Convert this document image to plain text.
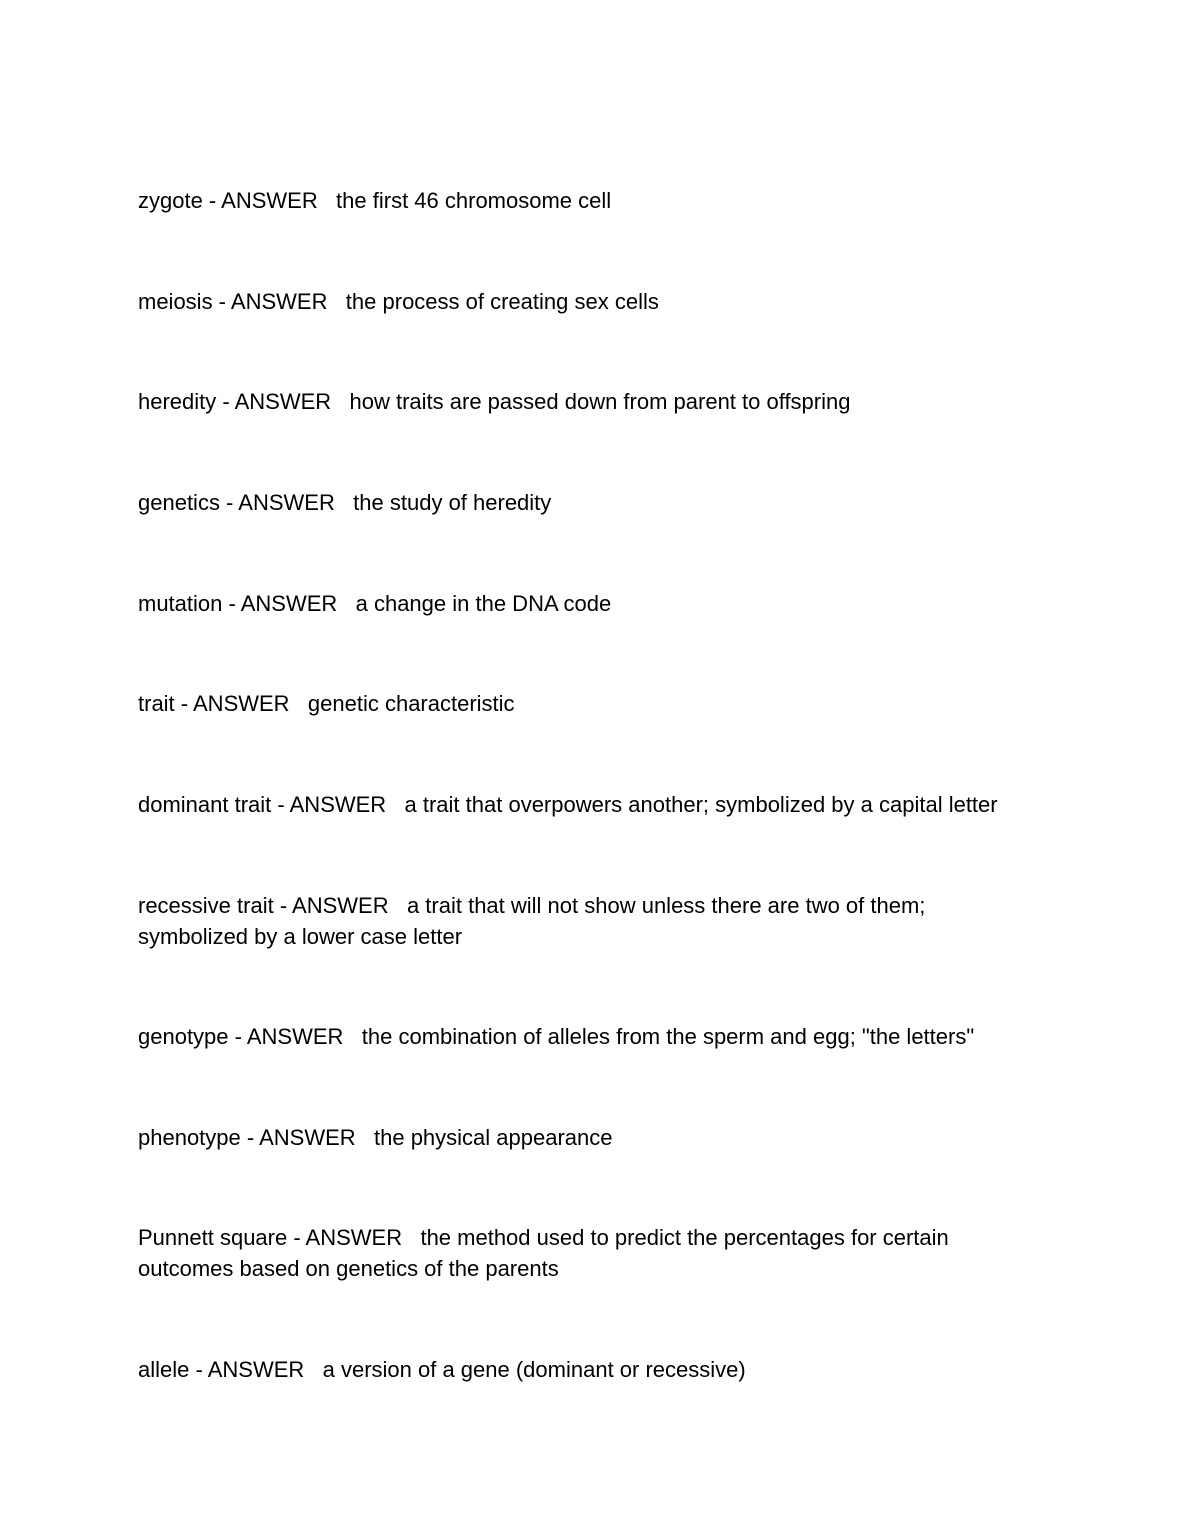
zygote - ANSWER   the first 46 chromosome cell
meiosis - ANSWER   the process of creating sex cells
heredity - ANSWER   how traits are passed down from parent to offspring
genetics - ANSWER   the study of heredity
mutation - ANSWER   a change in the DNA code
trait - ANSWER   genetic characteristic
dominant trait - ANSWER   a trait that overpowers another; symbolized by a capital letter
recessive trait - ANSWER   a trait that will not show unless there are two of them;
symbolized by a lower case letter
genotype - ANSWER   the combination of alleles from the sperm and egg; "the letters"
phenotype - ANSWER   the physical appearance
Punnett square - ANSWER   the method used to predict the percentages for certain
outcomes based on genetics of the parents
allele - ANSWER   a version of a gene (dominant or recessive)
